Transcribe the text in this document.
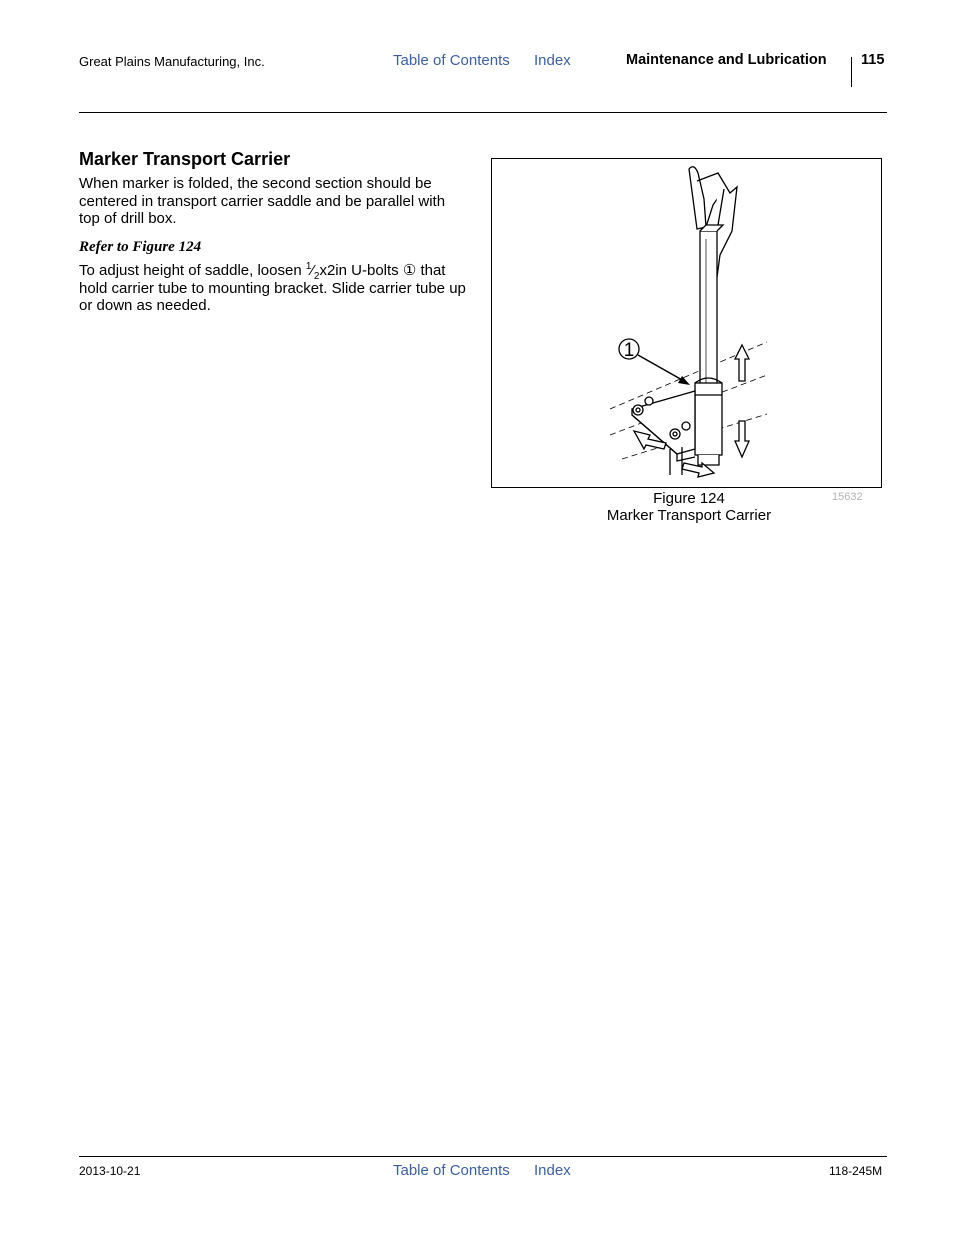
Great Plains Manufacturing, Inc.	Table of Contents Index	Maintenance and Lubrication 115
Marker Transport Carrier
When marker is folded, the second section should be centered in transport carrier saddle and be parallel with top of drill box.
Refer to Figure 124
To adjust height of saddle, loosen $^1⁄_2x2in$ U-bolts ① that hold carrier tube to mounting bracket. Slide carrier tube up or down as needed.
1
Figure 124
Marker Transport Carrier
15632
2013-10-21	Table of Contents Index	118-245M
